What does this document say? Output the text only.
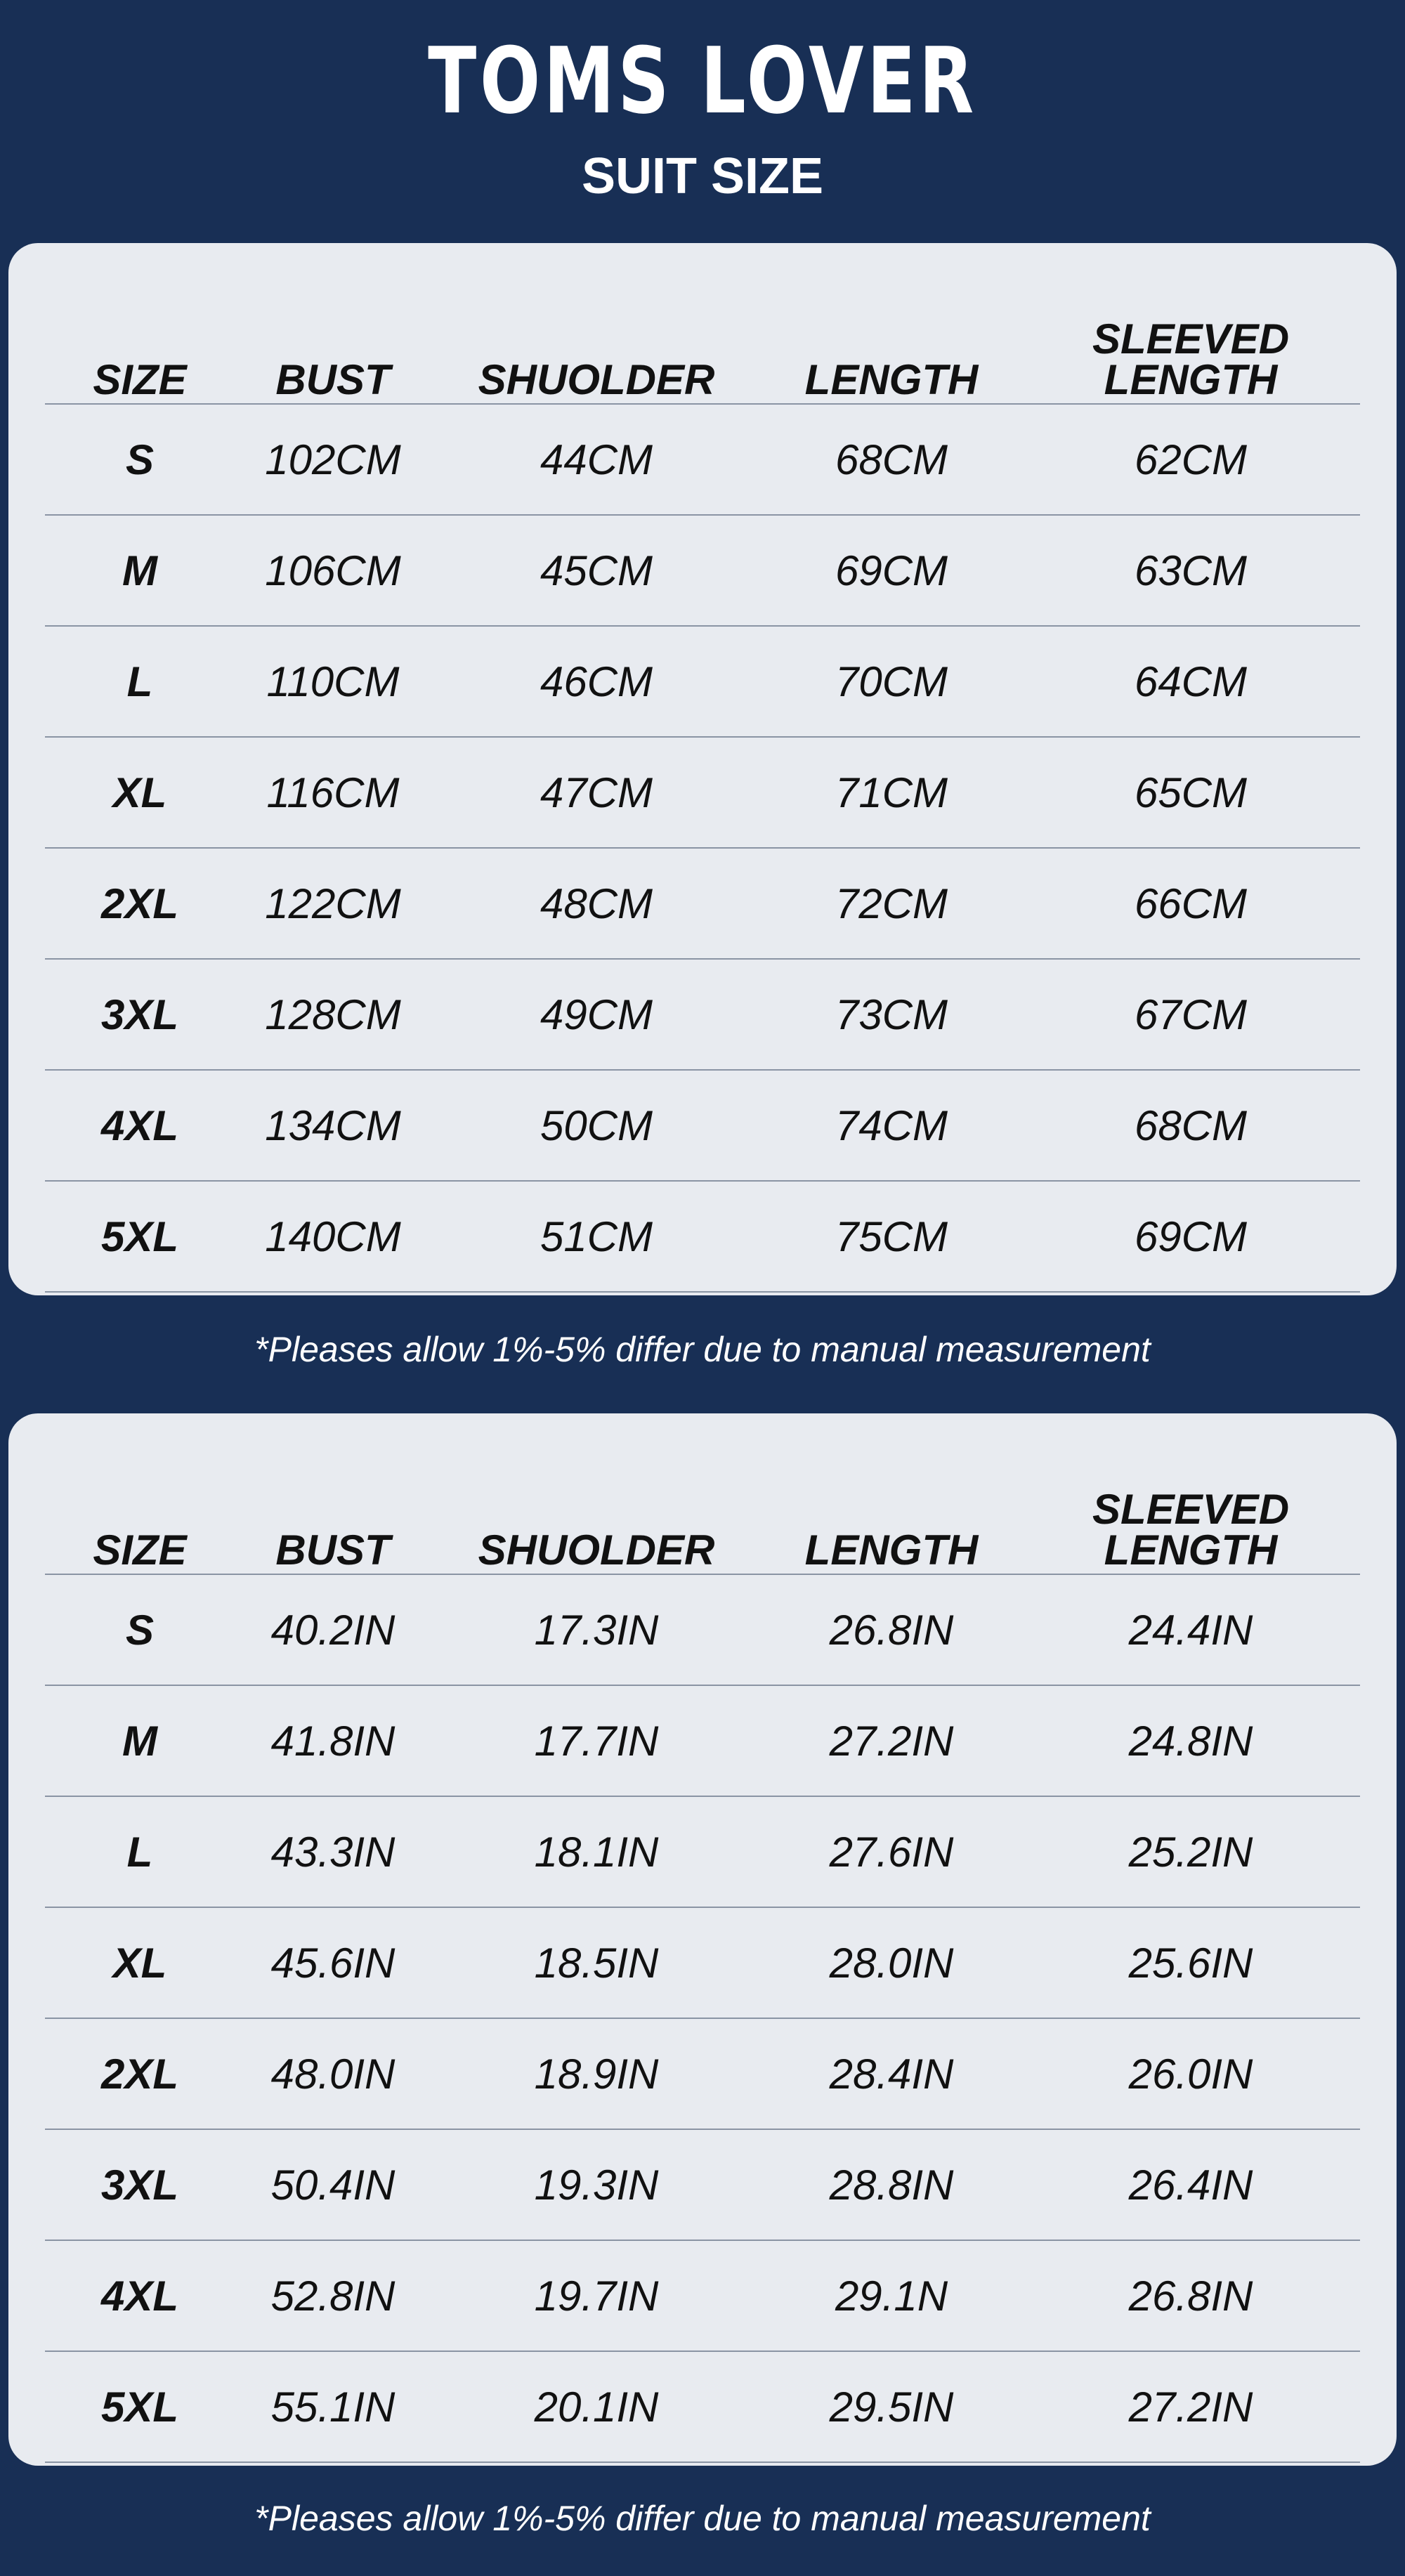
TOMS LOVER
SUIT SIZE
SIZE	BUST	SHUOLDER	LENGTH	SLEEVED LENGTH
S	102CM	44CM	68CM	62CM
M	106CM	45CM	69CM	63CM
L	110CM	46CM	70CM	64CM
XL	116CM	47CM	71CM	65CM
2XL	122CM	48CM	72CM	66CM
3XL	128CM	49CM	73CM	67CM
4XL	134CM	50CM	74CM	68CM
5XL	140CM	51CM	75CM	69CM
*Pleases allow 1%-5% differ due to manual measurement
SIZE	BUST	SHUOLDER	LENGTH	SLEEVED LENGTH
S	40.2IN	17.3IN	26.8IN	24.4IN
M	41.8IN	17.7IN	27.2IN	24.8IN
L	43.3IN	18.1IN	27.6IN	25.2IN
XL	45.6IN	18.5IN	28.0IN	25.6IN
2XL	48.0IN	18.9IN	28.4IN	26.0IN
3XL	50.4IN	19.3IN	28.8IN	26.4IN
4XL	52.8IN	19.7IN	29.1N	26.8IN
5XL	55.1IN	20.1IN	29.5IN	27.2IN
*Pleases allow 1%-5% differ due to manual measurement
